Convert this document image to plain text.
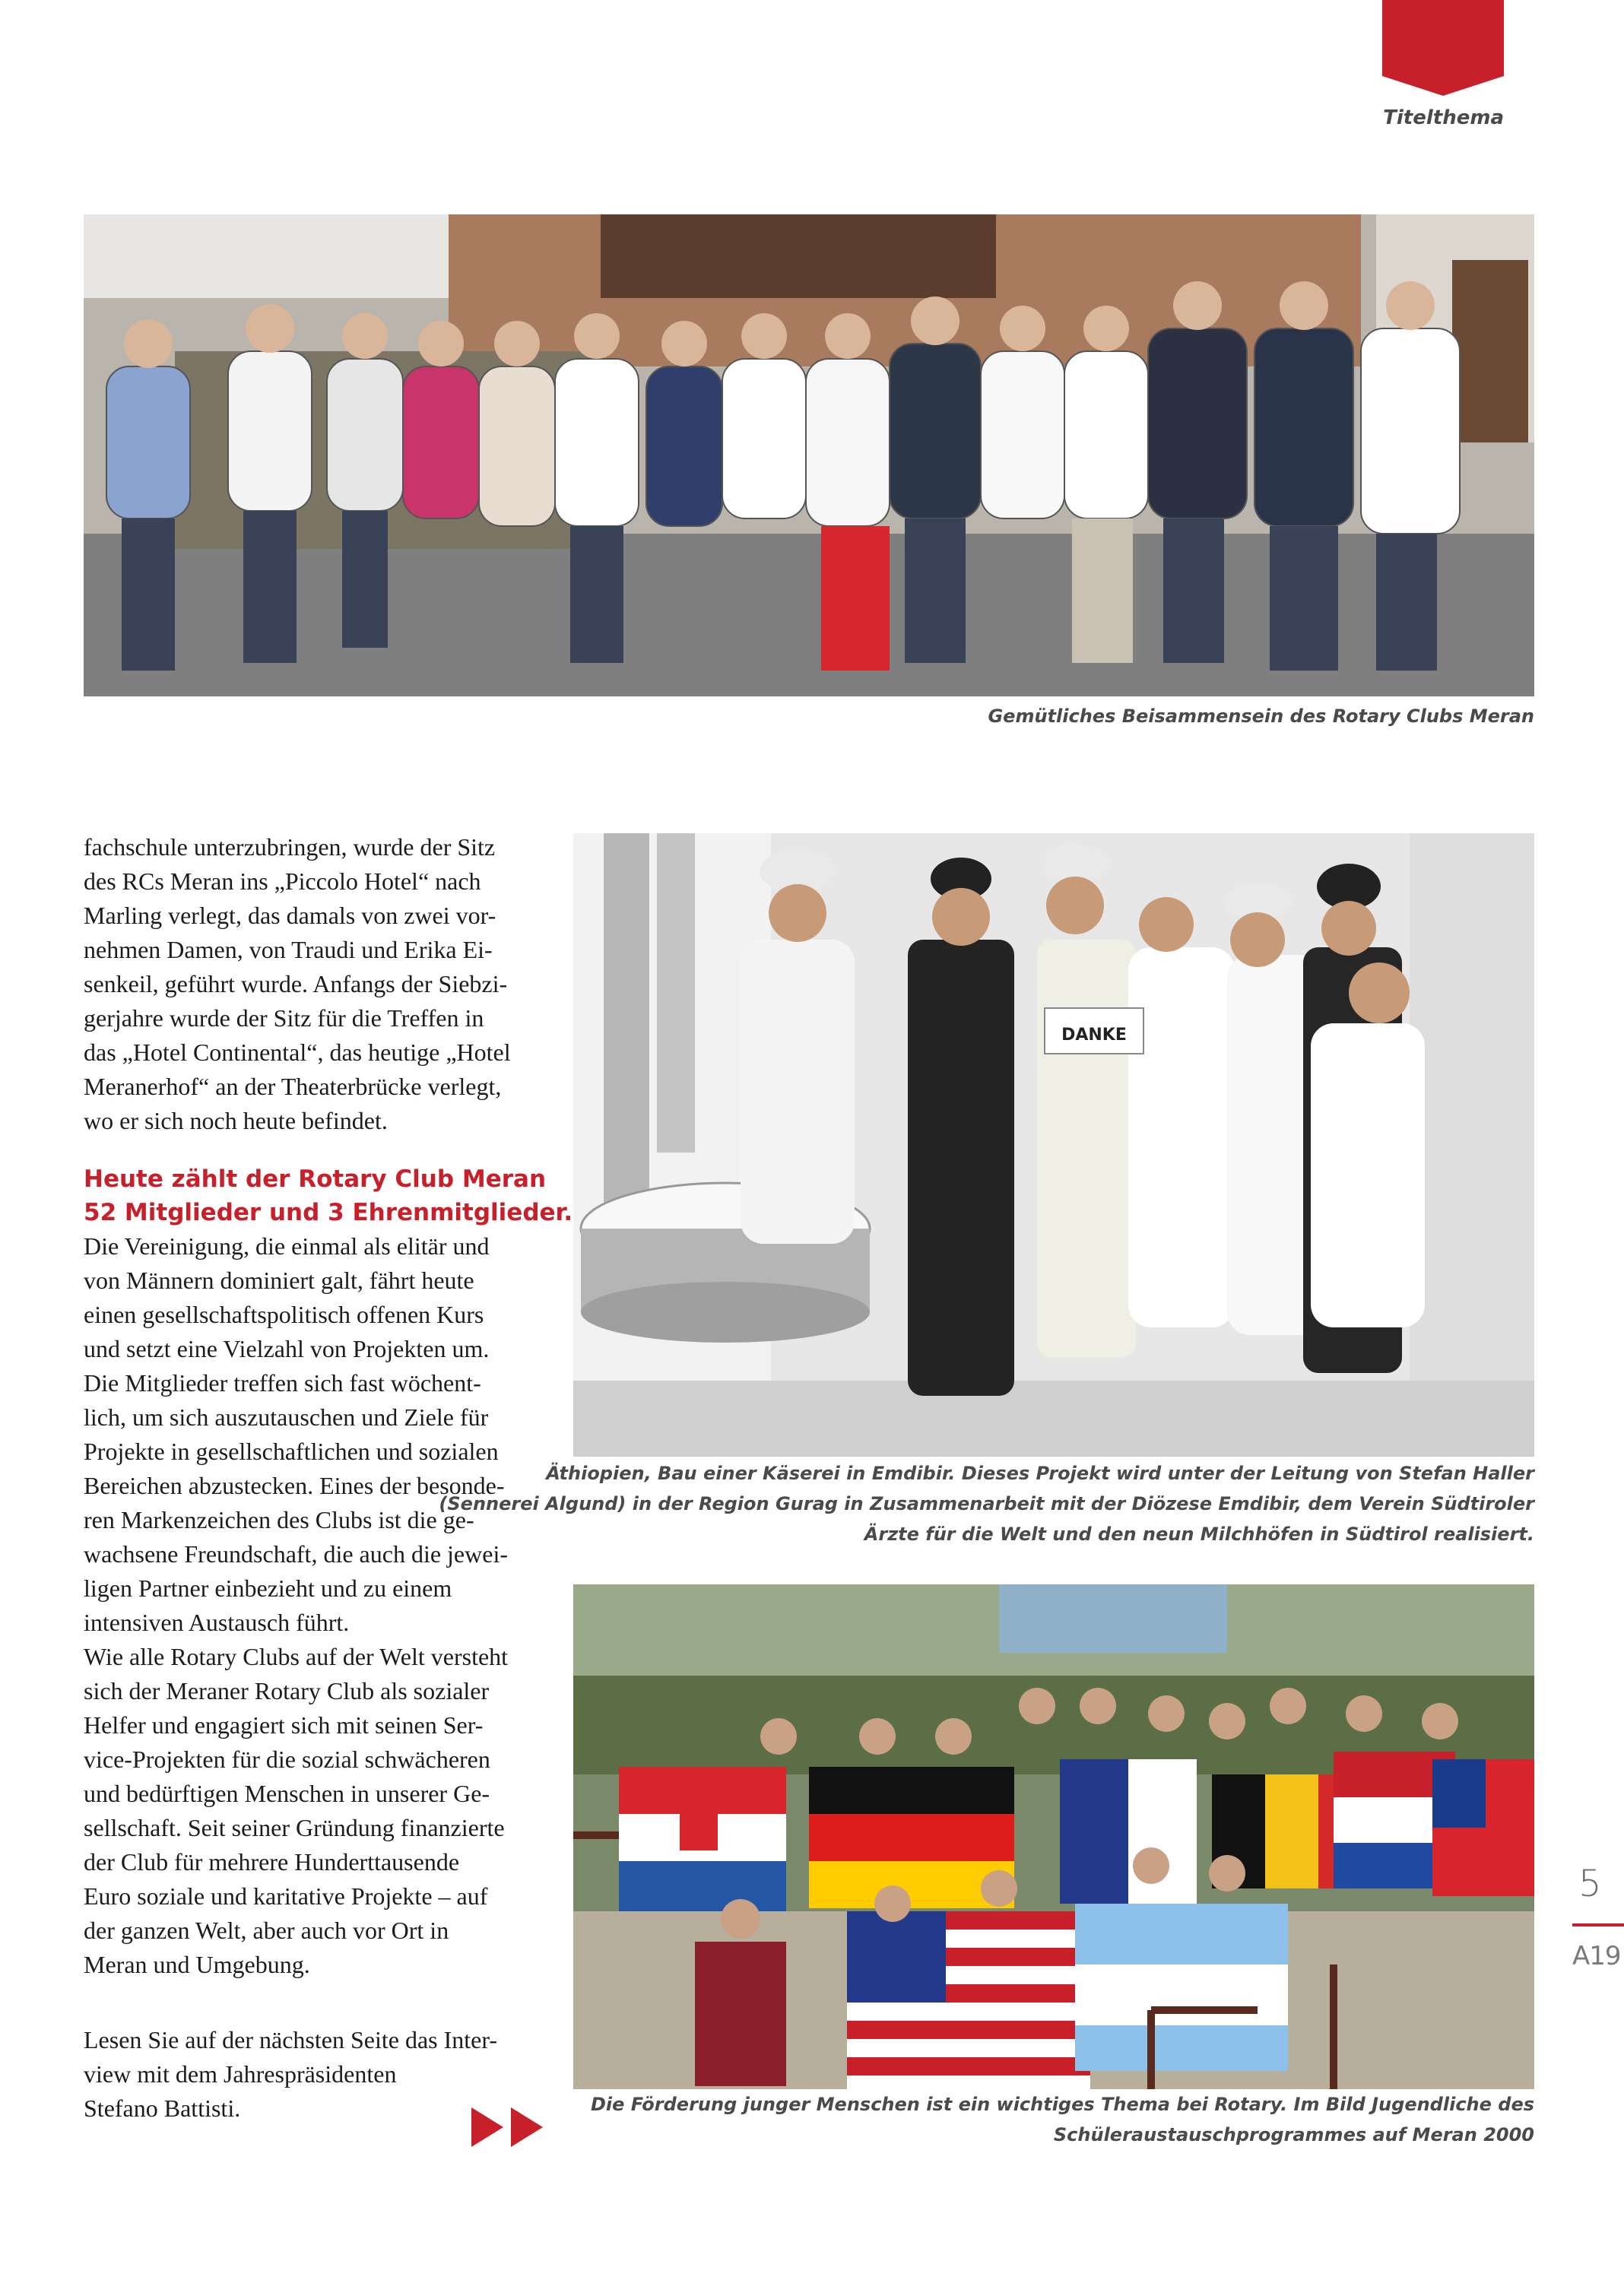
Titelthema
Gemütliches Beisammensein des Rotary Clubs Meran

fachschule unterzubringen, wurde der Sitz
des RCs Meran ins „Piccolo Hotel“ nach
Marling verlegt, das damals von zwei vor-
nehmen Damen, von Traudi und Erika Ei-
senkeil, geführt wurde. Anfangs der Siebzi-
gerjahre wurde der Sitz für die Treffen in
das „Hotel Continental“, das heutige „Hotel
Meranerhof“ an der Theaterbrücke verlegt,
wo er sich noch heute befindet.

Heute zählt der Rotary Club Meran
52 Mitglieder und 3 Ehrenmitglieder.

Die Vereinigung, die einmal als elitär und
von Männern dominiert galt, fährt heute
einen gesellschaftspolitisch offenen Kurs
und setzt eine Vielzahl von Projekten um.
Die Mitglieder treffen sich fast wöchent-
lich, um sich auszutauschen und Ziele für
Projekte in gesellschaftlichen und sozialen
Bereichen abzustecken. Eines der besonde-
ren Markenzeichen des Clubs ist die ge-
wachsene Freundschaft, die auch die jewei-
ligen Partner einbezieht und zu einem
intensiven Austausch führt.

Wie alle Rotary Clubs auf der Welt versteht
sich der Meraner Rotary Club als sozialer
Helfer und engagiert sich mit seinen Ser-
vice-Projekten für die sozial schwächeren
und bedürftigen Menschen in unserer Ge-
sellschaft. Seit seiner Gründung finanzierte
der Club für mehrere Hunderttausende
Euro soziale und karitative Projekte – auf
der ganzen Welt, aber auch vor Ort in
Meran und Umgebung.

Lesen Sie auf der nächsten Seite das Inter-
view mit dem Jahrespräsidenten
Stefano Battisti.

DANKE
Äthiopien, Bau einer Käserei in Emdibir. Dieses Projekt wird unter der Leitung von Stefan Haller
(Sennerei Algund) in der Region Gurag in Zusammenarbeit mit der Diözese Emdibir, dem Verein Südtiroler
Ärzte für die Welt und den neun Milchhöfen in Südtirol realisiert.
Die Förderung junger Menschen ist ein wichtiges Thema bei Rotary. Im Bild Jugendliche des
Schüleraustauschprogrammes auf Meran 2000
5
A19
